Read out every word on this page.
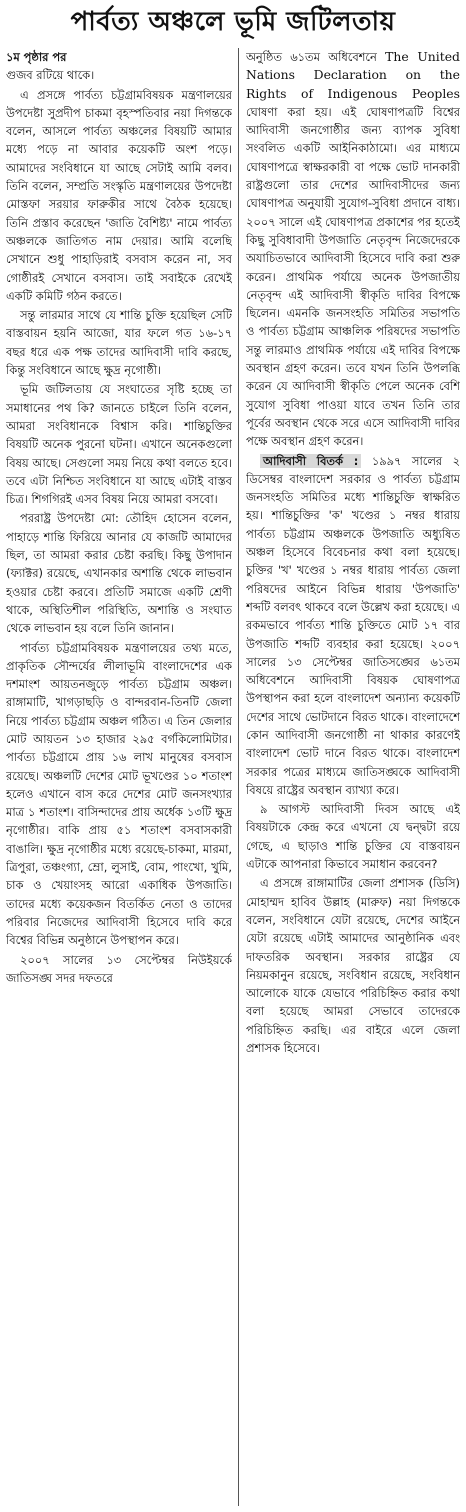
পার্বত্য অঞ্চলে ভূমি জটিলতায়
১ম পৃষ্ঠার পর

গুজব রটিয়ে থাকে।

এ প্রসঙ্গে পার্বত্য চট্টগ্রামবিষয়ক মন্ত্রণালয়ের উপদেষ্টা সুপ্রদীপ চাকমা বৃহস্পতিবার নয়া দিগন্তকে বলেন, আসলে পার্বত্য অঞ্চলের বিষয়টি আমার মধ্যে পড়ে না আবার কয়েকটি অংশ পড়ে। আমাদের সংবিধানে যা আছে সেটাই আমি বলব। তিনি বলেন, সম্প্রতি সংস্কৃতি মন্ত্রণালয়ের উপদেষ্টা মোস্তফা সরয়ার ফারুকীর সাথে বৈঠক হয়েছে। তিনি প্রস্তাব করেছেন 'জাতি বৈশিষ্ট্য' নামে পার্বত্য অঞ্চলকে জাতিগত নাম দেয়ার। আমি বলেছি সেখানে শুধু পাহাড়িরাই বসবাস করেন না, সব গোষ্ঠীরই সেখানে বসবাস। তাই সবাইকে রেখেই একটি কমিটি গঠন করতে।

সন্তু লারমার সাথে যে শান্তি চুক্তি হয়েছিল সেটি বাস্তবায়ন হয়নি আজো, যার ফলে গত ১৬-১৭ বছর ধরে এক পক্ষ তাদের আদিবাসী দাবি করছে, কিন্তু সংবিধানে আছে ক্ষুদ্র নৃগোষ্ঠী।

ভূমি জটিলতায় যে সংঘাতের সৃষ্টি হচ্ছে তা সমাধানের পথ কি? জানতে চাইলে তিনি বলেন, আমরা সংবিধানকে বিশ্বাস করি। শান্তিচুক্তির বিষয়টি অনেক পুরনো ঘটনা। এখানে অনেকগুলো বিষয় আছে। সেগুলো সময় নিয়ে কথা বলতে হবে। তবে এটা নিশ্চিত সংবিধানে যা আছে এটাই বাস্তব চিত্র। শিগগিরই এসব বিষয় নিয়ে আমরা বসবো।

পররাষ্ট্র উপদেষ্টা মো: তৌহিদ হোসেন বলেন, পাহাড়ে শান্তি ফিরিয়ে আনার যে কাজটি আমাদের ছিল, তা আমরা করার চেষ্টা করছি। কিছু উপাদান (ফ্যাক্টর) রয়েছে, এখানকার অশান্তি থেকে লাভবান হওয়ার চেষ্টা করবে। প্রতিটি সমাজে একটি শ্রেণী থাকে, অস্থিতিশীল পরিস্থিতি, অশান্তি ও সংঘাত থেকে লাভবান হয় বলে তিনি জানান।

পার্বত্য চট্টগ্রামবিষয়ক মন্ত্রণালয়ের তথ্য মতে, প্রাকৃতিক সৌন্দর্যের লীলাভূমি বাংলাদেশের এক দশমাংশ আয়তনজুড়ে পার্বত্য চট্টগ্রাম অঞ্চল। রাঙ্গামাটি, খাগড়াছড়ি ও বান্দরবান-তিনটি জেলা নিয়ে পার্বত্য চট্টগ্রাম অঞ্চল গঠিত। এ তিন জেলার মোট আয়তন ১৩ হাজার ২৯৫ বর্গকিলোমিটার। পার্বত্য চট্টগ্রামে প্রায় ১৬ লাখ মানুষের বসবাস রয়েছে। অঞ্চলটি দেশের মোট ভূখণ্ডের ১০ শতাংশ হলেও এখানে বাস করে দেশের মোট জনসংখ্যার মাত্র ১ শতাংশ। বাসিন্দাদের প্রায় অর্ধেক ১৩টি ক্ষুদ্র নৃগোষ্ঠীর। বাকি প্রায় ৫১ শতাংশ বসবাসকারী বাঙালি। ক্ষুদ্র নৃগোষ্ঠীর মধ্যে রয়েছে-চাকমা, মারমা, ত্রিপুরা, তঞ্চংগ্যা, ম্রো, লুসাই, বোম, পাংখো, খুমি, চাক ও খেয়াংসহ আরো একাধিক উপজাতি। তাদের মধ্যে কয়েকজন বিতর্কিত নেতা ও তাদের পরিবার নিজেদের আদিবাসী হিসেবে দাবি করে বিশ্বের বিভিন্ন অনুষ্ঠানে উপস্থাপন করে।

২০০৭ সালের ১৩ সেপ্টেম্বর নিউইয়র্কে জাতিসঙ্ঘ সদর দফতরে

অনুষ্ঠিত ৬১তম অধিবেশনে The United Nations Declaration on the Rights of Indigenous Peoples ঘোষণা করা হয়। এই ঘোষণাপত্রটি বিশ্বের আদিবাসী জনগোষ্ঠীর জন্য ব্যাপক সুবিধা সংবলিত একটি আইনিকাঠামো। এর মাধ্যমে ঘোষণাপত্রে স্বাক্ষরকারী বা পক্ষে ভোট দানকারী রাষ্ট্রগুলো তার দেশের আদিবাসীদের জন্য ঘোষণাপত্র অনুযায়ী সুযোগ-সুবিধা প্রদানে বাধ্য। ২০০৭ সালে এই ঘোষণাপত্র প্রকাশের পর হতেই কিছু সুবিধাবাদী উপজাতি নেতৃবৃন্দ নিজেদেরকে অযাচিতভাবে আদিবাসী হিসেবে দাবি করা শুরু করেন। প্রাথমিক পর্যায়ে অনেক উপজাতীয় নেতৃবৃন্দ এই আদিবাসী স্বীকৃতি দাবির বিপক্ষে ছিলেন। এমনকি জনসংহতি সমিতির সভাপতি ও পার্বত্য চট্টগ্রাম আঞ্চলিক পরিষদের সভাপতি সন্তু লারমাও প্রাথমিক পর্যায়ে এই দাবির বিপক্ষে অবস্থান গ্রহণ করেন। তবে যখন তিনি উপলব্ধি করেন যে আদিবাসী স্বীকৃতি পেলে অনেক বেশি সুযোগ সুবিধা পাওয়া যাবে তখন তিনি তার পূর্বের অবস্থান থেকে সরে এসে আদিবাসী দাবির পক্ষে অবস্থান গ্রহণ করেন।

আদিবাসী বিতর্ক : ১৯৯৭ সালের ২ ডিসেম্বর বাংলাদেশ সরকার ও পার্বত্য চট্টগ্রাম জনসংহতি সমিতির মধ্যে শান্তিচুক্তি স্বাক্ষরিত হয়। শান্তিচুক্তির 'ক' খণ্ডের ১ নম্বর ধারায় পার্বত্য চট্টগ্রাম অঞ্চলকে উপজাতি অধ্যুষিত অঞ্চল হিসেবে বিবেচনার কথা বলা হয়েছে। চুক্তির 'খ' খণ্ডের ১ নম্বর ধারায় পার্বত্য জেলা পরিষদের আইনে বিভিন্ন ধারায় 'উপজাতি' শব্দটি বলবৎ থাকবে বলে উল্লেখ করা হয়েছে। এ রকমভাবে পার্বত্য শান্তি চুক্তিতে মোট ১৭ বার উপজাতি শব্দটি ব্যবহার করা হয়েছে। ২০০৭ সালের ১৩ সেপ্টেম্বর জাতিসঙ্ঘের ৬১তম অধিবেশনে আদিবাসী বিষয়ক ঘোষণাপত্র উপস্থাপন করা হলে বাংলাদেশ অন্যান্য কয়েকটি দেশের সাথে ভোটদানে বিরত থাকে। বাংলাদেশে কোন আদিবাসী জনগোষ্ঠী না থাকার কারণেই বাংলাদেশ ভোট দানে বিরত থাকে। বাংলাদেশ সরকার পত্রের মাধ্যমে জাতিসঙ্ঘকে আদিবাসী বিষয়ে রাষ্ট্রের অবস্থান ব্যাখ্যা করে।

৯ আগস্ট আদিবাসী দিবস আছে এই বিষয়টাকে কেন্দ্র করে এখনো যে দ্বন্দ্বটা রয়ে গেছে, এ ছাড়াও শান্তি চুক্তির যে বাস্তবায়ন এটাকে আপনারা কিভাবে সমাধান করবেন?

এ প্রসঙ্গে রাঙ্গামাটির জেলা প্রশাসক (ডিসি) মোহাম্মদ হাবিব উল্লাহ (মারুফ) নয়া দিগন্তকে বলেন, সংবিধানে যেটা রয়েছে, দেশের আইনে যেটা রয়েছে এটাই আমাদের আনুষ্ঠানিক এবং দাফতরিক অবস্থান। সরকার রাষ্ট্রের যে নিয়মকানুন রয়েছে, সংবিধান রয়েছে, সংবিধান আলোকে যাকে যেভাবে পরিচিহ্নিত করার কথা বলা হয়েছে আমরা সেভাবে তাদেরকে পরিচিহ্নিত করছি। এর বাইরে এলে জেলা প্রশাসক হিসেবে।
